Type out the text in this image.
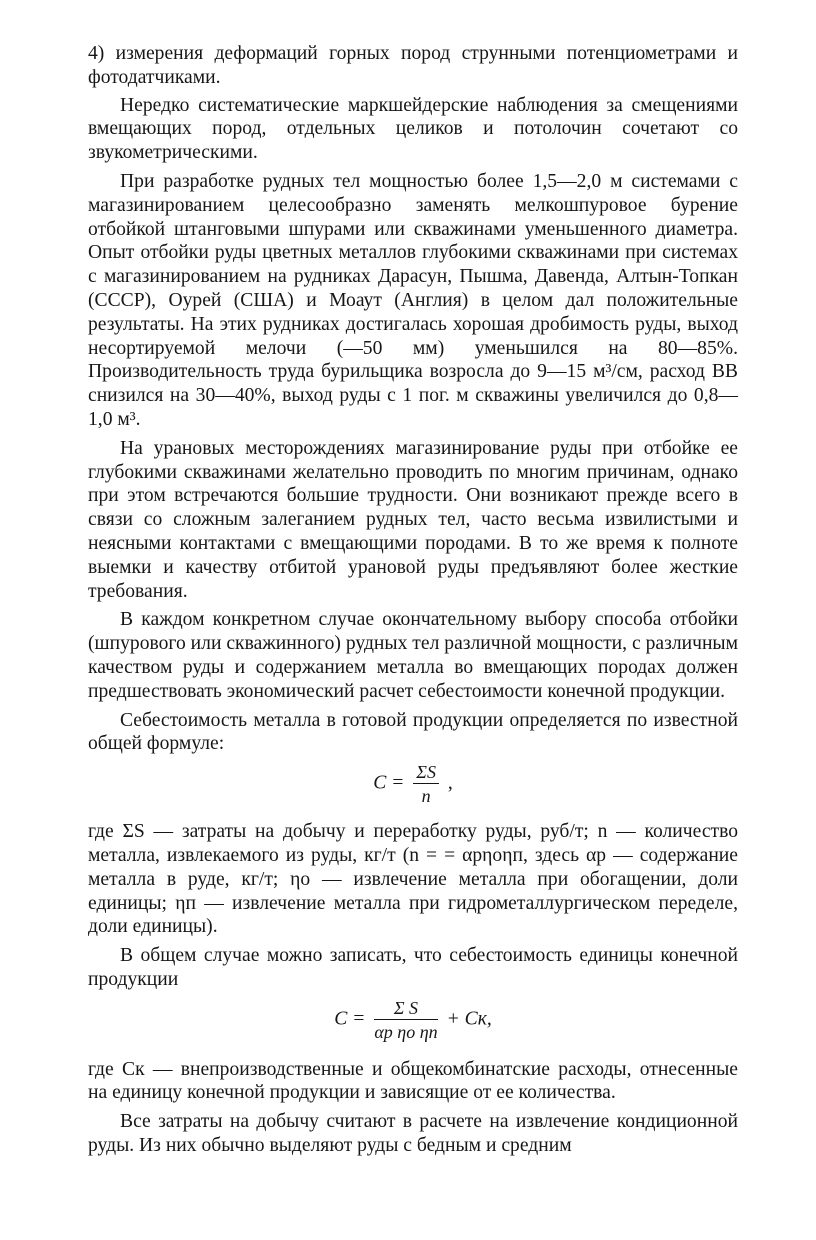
4) измерения деформаций горных пород струнными потенциометрами и фотодатчиками.

Нередко систематические маркшейдерские наблюдения за смещениями вмещающих пород, отдельных целиков и потолочин сочетают со звукометрическими.

При разработке рудных тел мощностью более 1,5—2,0 м системами с магазинированием целесообразно заменять мелкошпуровое бурение отбойкой штанговыми шпурами или скважинами уменьшенного диаметра. Опыт отбойки руды цветных металлов глубокими скважинами при системах с магазинированием на рудниках Дарасун, Пышма, Давенда, Алтын-Топкан (СССР), Оурей (США) и Моаут (Англия) в целом дал положительные результаты. На этих рудниках достигалась хорошая дробимость руды, выход несортируемой мелочи (—50 мм) уменьшился на 80—85%. Производительность труда бурильщика возросла до 9—15 м³/см, расход ВВ снизился на 30—40%, выход руды с 1 пог. м скважины увеличился до 0,8—1,0 м³.

На урановых месторождениях магазинирование руды при отбойке ее глубокими скважинами желательно проводить по многим причинам, однако при этом встречаются большие трудности. Они возникают прежде всего в связи со сложным залеганием рудных тел, часто весьма извилистыми и неясными контактами с вмещающими породами. В то же время к полноте выемки и качеству отбитой урановой руды предъявляют более жесткие требования.

В каждом конкретном случае окончательному выбору способа отбойки (шпурового или скважинного) рудных тел различной мощности, с различным качеством руды и содержанием металла во вмещающих породах должен предшествовать экономический расчет себестоимости конечной продукции.

Себестоимость металла в готовой продукции определяется по известной общей формуле:

$C = \frac{\Sigma S}{n}$ ,

где ΣS — затраты на добычу и переработку руды, руб/т; n — количество металла, извлекаемого из руды, кг/т (n = = αрηоηп, здесь αр — содержание металла в руде, кг/т; ηо — извлечение металла при обогащении, доли единицы; ηп — извлечение металла при гидрометаллургическом переделе, доли единицы).

В общем случае можно записать, что себестоимость единицы конечной продукции

$C = \frac{\text{Σ S}}{\text{αр ηо ηп}}$ + Cк,

где Cк — внепроизводственные и общекомбинатские расходы, отнесенные на единицу конечной продукции и зависящие от ее количества.

Все затраты на добычу считают в расчете на извлечение кондиционной руды. Из них обычно выделяют руды с бедным и средним
